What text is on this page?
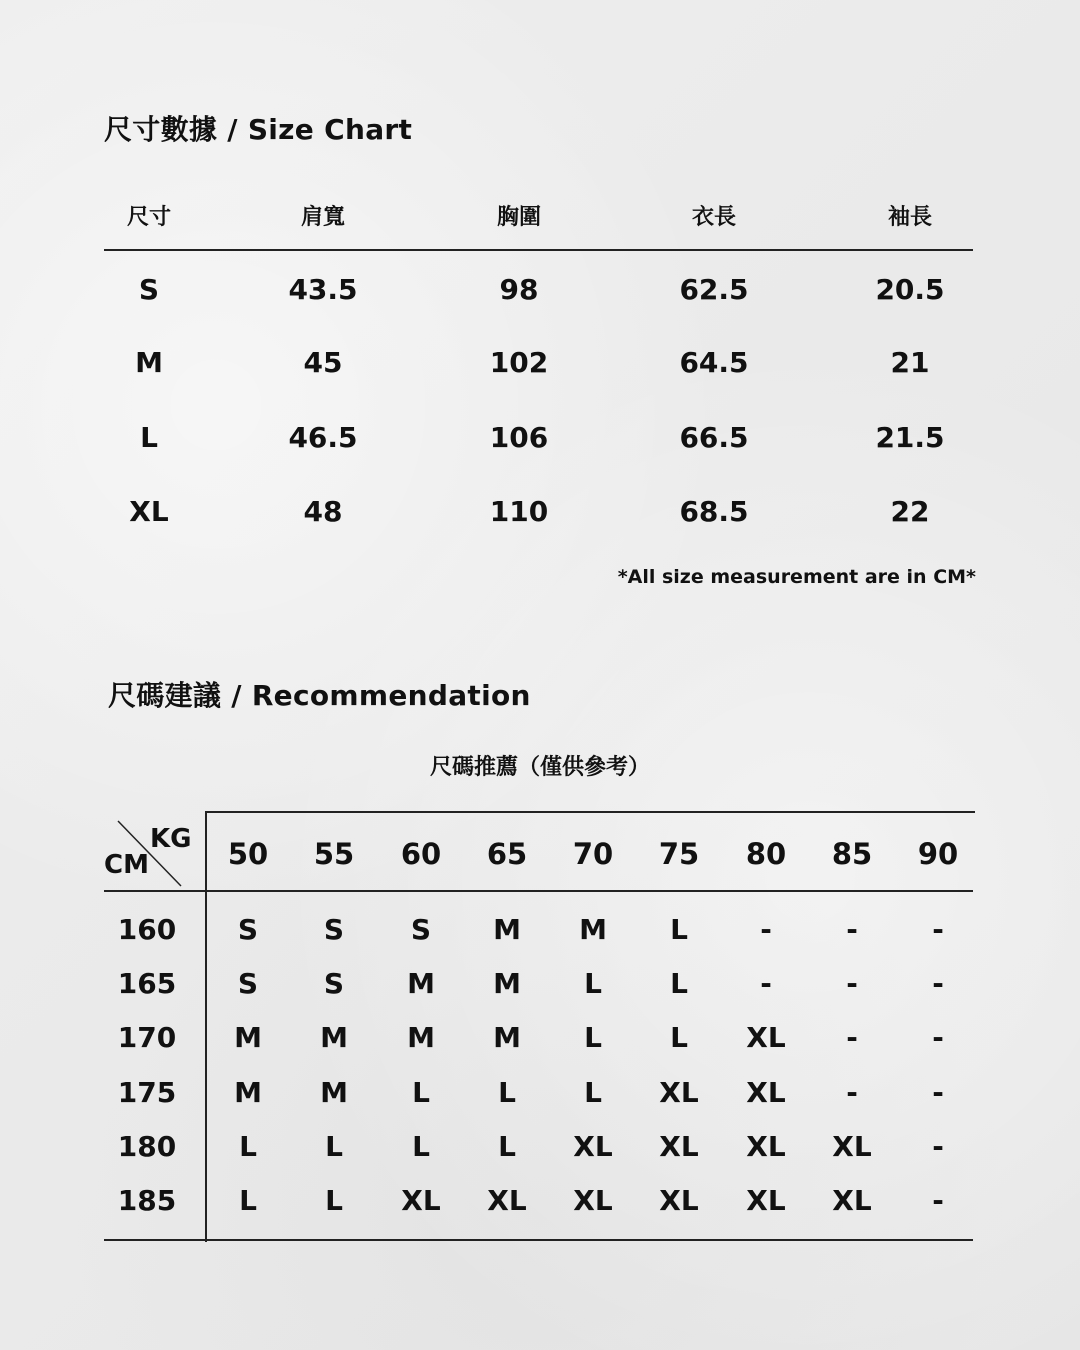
尺寸數據 / Size Chart
尺寸	肩寬	胸圍	衣長	袖長
S	43.5	98	62.5	20.5
M	45	102	64.5	21
L	46.5	106	66.5	21.5
XL	48	110	68.5	22
*All size measurement are in CM*
尺碼建議 / Recommendation
尺碼推薦（僅供參考）
KG
CM	50	55	60	65	70	75	80	85	90
160	S	S	S	M	M	L	-	-	-
165	S	S	M	M	L	L	-	-	-
170	M	M	M	M	L	L	XL	-	-
175	M	M	L	L	L	XL	XL	-	-
180	L	L	L	L	XL	XL	XL	XL	-
185	L	L	XL	XL	XL	XL	XL	XL	-
